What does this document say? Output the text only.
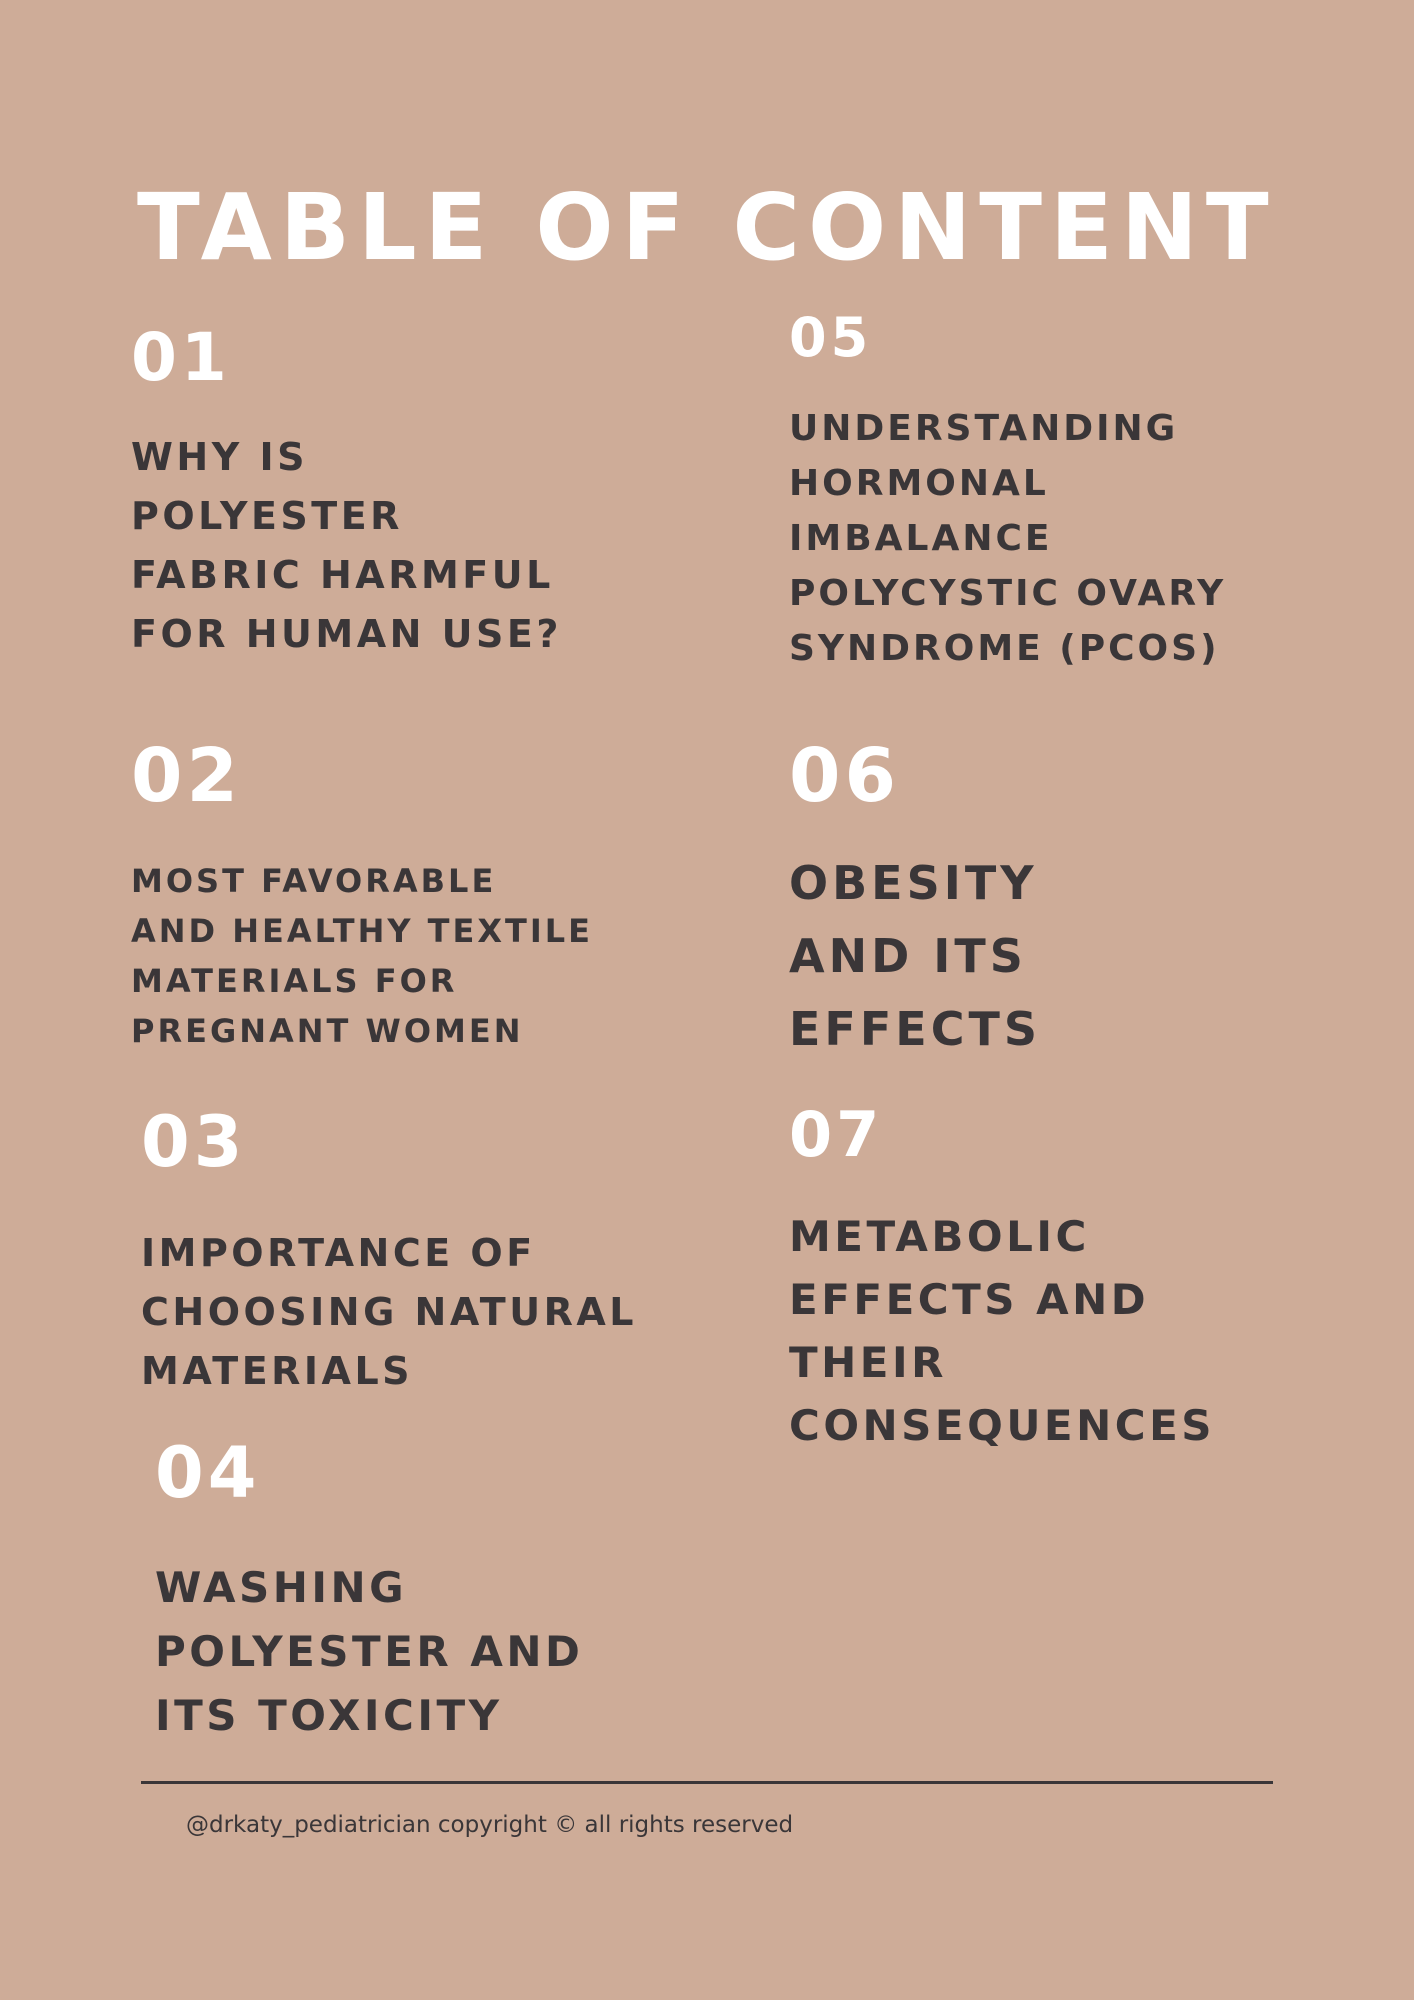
TABLE OF CONTENT
01
WHY IS
POLYESTER
FABRIC HARMFUL
FOR HUMAN USE?
02
MOST FAVORABLE
AND HEALTHY TEXTILE
MATERIALS FOR
PREGNANT WOMEN
03
IMPORTANCE OF
CHOOSING NATURAL
MATERIALS
04
WASHING
POLYESTER AND
ITS TOXICITY
05
UNDERSTANDING
HORMONAL
IMBALANCE
POLYCYSTIC OVARY
SYNDROME (PCOS)
06
OBESITY
AND ITS
EFFECTS
07
METABOLIC
EFFECTS AND
THEIR
CONSEQUENCES

@drkaty_pediatrician copyright © all rights reserved
